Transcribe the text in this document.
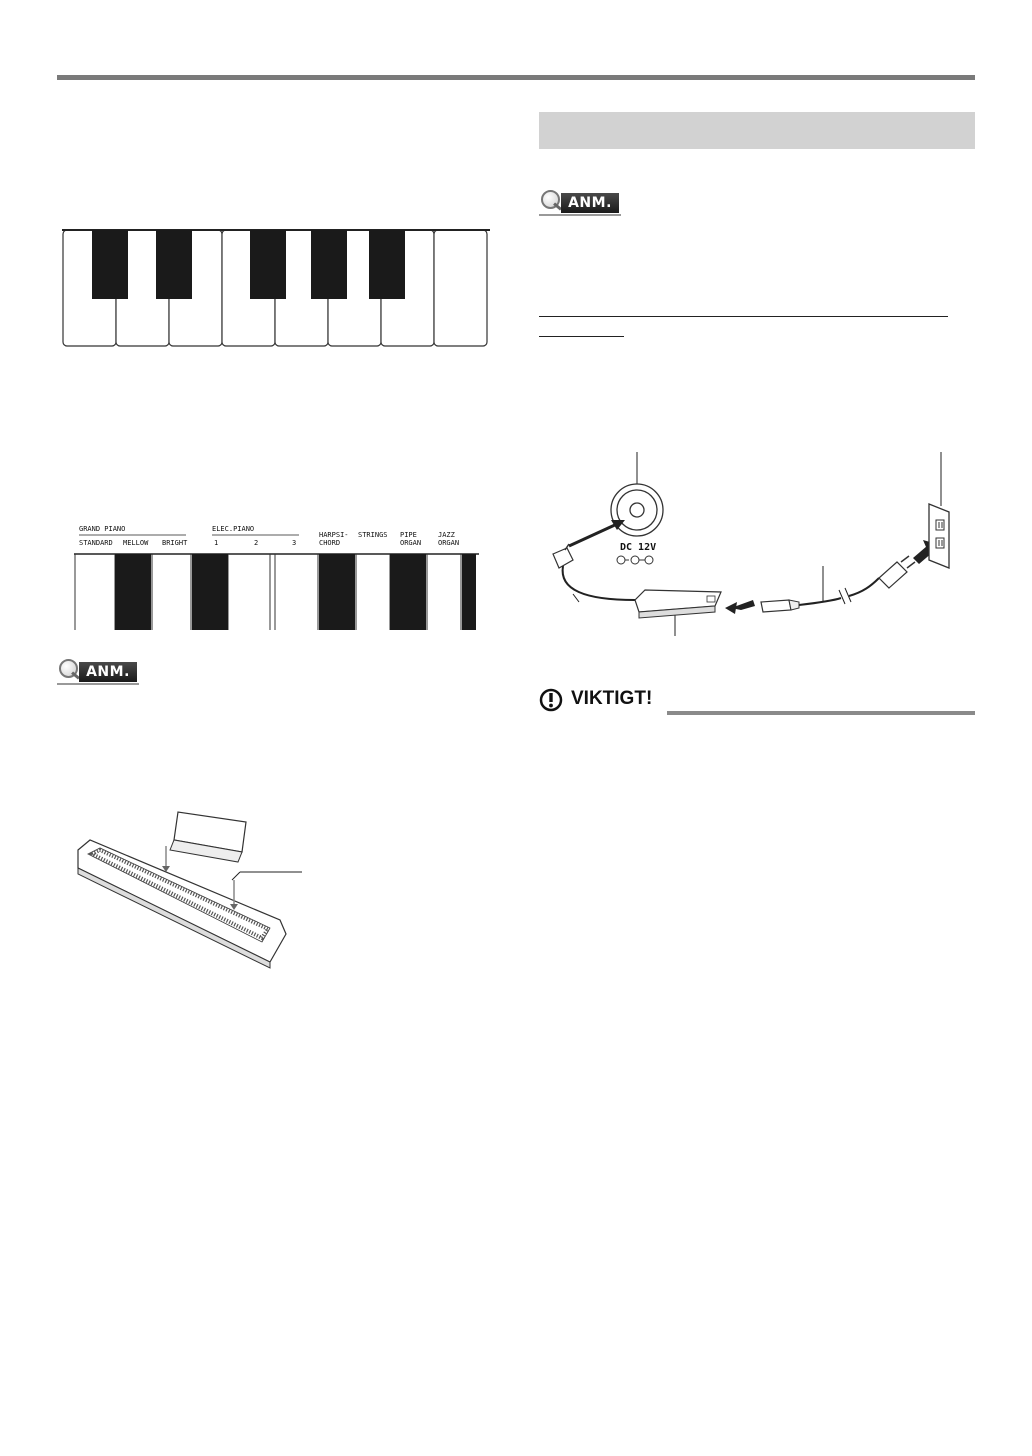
GRAND PIANO	ELEC.PIANO
STANDARD MELLOW BRIGHT	1	2	3
HARPSI-
CHORD
STRINGS PIPE
ORGAN
JAZZ
ORGAN
ANM.
ANM.
DC 12V
VIKTIGT!
